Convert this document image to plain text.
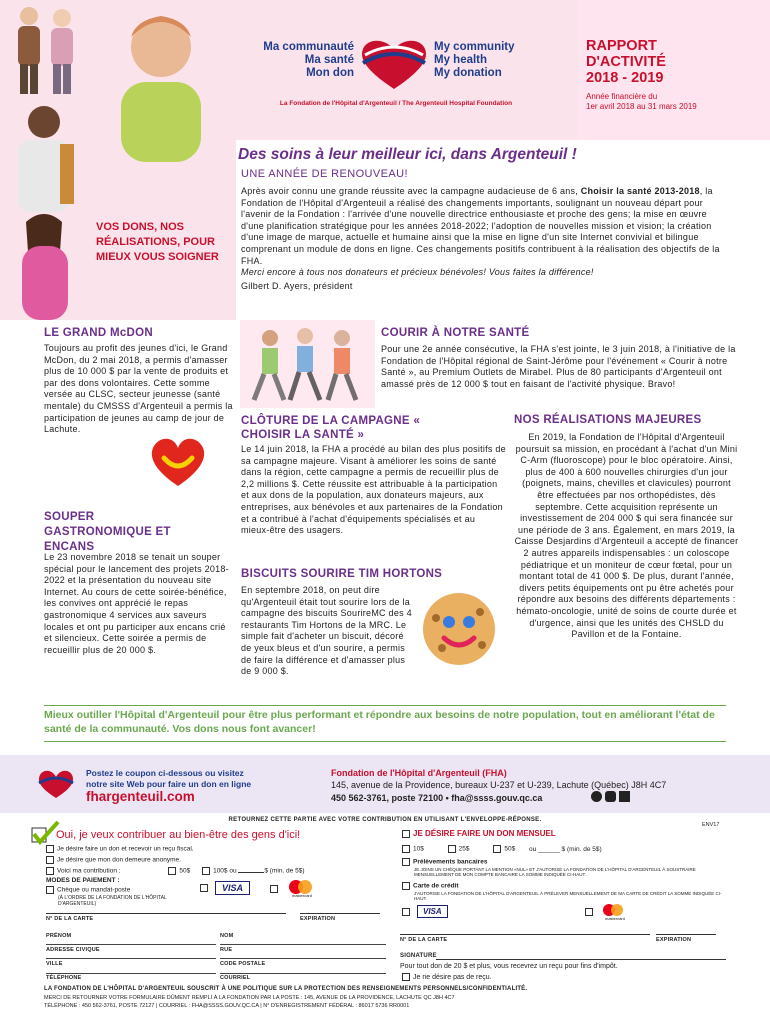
Ma communauté
Ma santé
Mon don
My community
My health
My donation
La Fondation de l'Hôpital d'Argenteuil / The Argenteuil Hospital Foundation
RAPPORT
D'ACTIVITÉ
2018 - 2019
Année financière du
1er avril 2018 au 31 mars 2019
Des soins à leur meilleur ici, dans Argenteuil !
UNE ANNÉE DE RENOUVEAU!
Après avoir connu une grande réussite avec la campagne audacieuse de 6 ans, Choisir la santé 2013-2018, la Fondation de l'Hôpital d'Argenteuil a réalisé des changements importants, soulignant un nouveau départ pour l'avenir de la Fondation : l'arrivée d'une nouvelle directrice enthousiaste et proche des gens; la mise en œuvre d'une planification stratégique pour les années 2018-2022; l'adoption de nouvelles mission et vision; la création d'une image de marque, actuelle et humaine ainsi que la mise en ligne d'un site Internet convivial et bilingue comprenant un module de dons en ligne. Ces changements positifs contribuent à la réalisation des objectifs de la FHA.
Merci encore à tous nos donateurs et précieux bénévoles! Vous faites la différence!
Gilbert D. Ayers, président
VOS DONS, NOS RÉALISATIONS, POUR MIEUX VOUS SOIGNER
LE GRAND McDON
Toujours au profit des jeunes d'ici, le Grand McDon, du 2 mai 2018, a permis d'amasser plus de 10 000 $ par la vente de produits et par des dons volontaires. Cette somme versée au CLSC, secteur jeunesse (santé mentale) du CMSSS d'Argenteuil a permis la participation de jeunes au camp de jour de Lachute.
SOUPER GASTRONOMIQUE ET ENCANS
Le 23 novembre 2018 se tenait un souper spécial pour le lancement des projets 2018-2022 et la présentation du nouveau site Internet. Au cours de cette soirée-bénéfice, les convives ont apprécié le repas gastronomique 4 services aux saveurs locales et ont pu participer aux encans crié et silencieux. Cette soirée a permis de recueillir plus de 20 000 $.
COURIR À NOTRE SANTÉ
Pour une 2e année consécutive, la FHA s'est jointe, le 3 juin 2018, à l'initiative de la Fondation de l'Hôpital régional de Saint-Jérôme pour l'événement « Courir à notre Santé », au Premium Outlets de Mirabel. Plus de 80 participants d'Argenteuil ont amassé près de 12 000 $ tout en faisant de l'activité physique. Bravo!
CLÔTURE DE LA CAMPAGNE « CHOISIR LA SANTÉ »
Le 14 juin 2018, la FHA a procédé au bilan des plus positifs de sa campagne majeure. Visant à améliorer les soins de santé dans la région, cette campagne a permis de recueillir plus de 2,2 millions $. Cette réussite est attribuable à la participation et aux dons de la population, aux donateurs majeurs, aux entreprises, aux bénévoles et aux partenaires de la Fondation et a contribué à l'achat d'équipements spécialisés et au mieux-être des usagers.
BISCUITS SOURIRE TIM HORTONS
En septembre 2018, on peut dire qu'Argenteuil était tout sourire lors de la campagne des biscuits SourireMC des 4 restaurants Tim Hortons de la MRC. Le simple fait d'acheter un biscuit, décoré de yeux bleus et d'un sourire, a permis de faire la différence et d'amasser plus de 9 000 $.
NOS RÉALISATIONS MAJEURES
En 2019, la Fondation de l'Hôpital d'Argenteuil poursuit sa mission, en procédant à l'achat d'un Mini C-Arm (fluoroscope) pour le bloc opératoire. Ainsi, plus de 400 à 600 nouvelles chirurgies d'un jour (poignets, mains, chevilles et clavicules) pourront être effectuées par nos orthopédistes, dès septembre. Cette acquisition représente un investissement de 204 000 $ qui sera financée sur une période de 3 ans. Également, en mars 2019, la Caisse Desjardins d'Argenteuil a accepté de financer 2 autres appareils indispensables : un coloscope pédiatrique et un moniteur de cœur fœtal, pour un montant total de 41 000 $. De plus, durant l'année, divers petits équipements ont pu être achetés pour répondre aux besoins des différents départements : hémato-oncologie, unité de soins de courte durée et d'urgence, ainsi que les unités des CHSLD du Pavillon et de la Fontaine.
Mieux outiller l'Hôpital d'Argenteuil pour être plus performant et répondre aux besoins de notre population, tout en améliorant l'état de santé de la communauté. Vos dons nous font avancer!
Postez le coupon ci-dessous ou visitez
notre site Web pour faire un don en ligne
fhargenteuil.com
Fondation de l'Hôpital d'Argenteuil (FHA)
145, avenue de la Providence, bureaux U-237 et U-239, Lachute (Québec) J8H 4C7
450 562-3761, poste 72100 • fha@ssss.gouv.qc.ca
RETOURNEZ CETTE PARTIE AVEC VOTRE CONTRIBUTION EN UTILISANT L'ENVELOPPE-RÉPONSE.
ENV17
Oui, je veux contribuer au bien-être des gens d'ici!
Je désire faire un don et recevoir un reçu fiscal.
Je désire que mon don demeure anonyme.
Voici ma contribution :	50$	100$ ou	$ (min. de 5$)
MODES DE PAIEMENT :
Chèque ou mandat-poste
(À L'ORDRE DE LA FONDATION DE L'HÔPITAL D'ARGENTEUIL)
VISA
mastercard
N° DE LA CARTE	EXPIRATION
PRÉNOM	NOM
ADRESSE CIVIQUE	RUE
VILLE	CODE POSTALE
TÉLÉPHONE	COURRIEL
JE DÉSIRE FAIRE UN DON MENSUEL
10$	25$	50$ ou ______ $ (min. de 5$)
Prélèvements bancaires
JE JOINS UN CHÈQUE PORTANT LA MENTION «NUL» ET J'AUTORISE LA FONDATION DE L'HÔPITAL D'ARGENTEUIL À SOUSTRAIRE MENSUELLEMENT DE MON COMPTE BANCAIRE LA SOMME INDIQUÉE CI-HAUT.
Carte de crédit
J'AUTORISE LA FONDATION DE L'HÔPITAL D'ARGENTEUIL À PRÉLEVER MENSUELLEMENT DE MA CARTE DE CRÉDIT LA SOMME INDIQUÉE CI-HAUT.
VISA
mastercard
N° DE LA CARTE	EXPIRATION
SIGNATURE
Pour tout don de 20 $ et plus, vous recevrez un reçu pour fins d'impôt.
Je ne désire pas de reçu.
LA FONDATION DE L'HÔPITAL D'ARGENTEUIL SOUSCRIT À UNE POLITIQUE SUR LA PROTECTION DES RENSEIGNEMENTS PERSONNELS/CONFIDENTIALITÉ.
MERCI DE RETOURNER VOTRE FORMULAIRE DÛMENT REMPLI À LA FONDATION PAR LA POSTE : 145, AVENUE DE LA PROVIDENCE, LACHUTE QC J8H 4C7
TÉLÉPHONE : 450 562-3761, POSTE 72127 | COURRIEL : FHA@SSSS.GOUV.QC.CA | N° D'ENREGISTREMENT FÉDÉRAL : 86017 5736 RR0001
